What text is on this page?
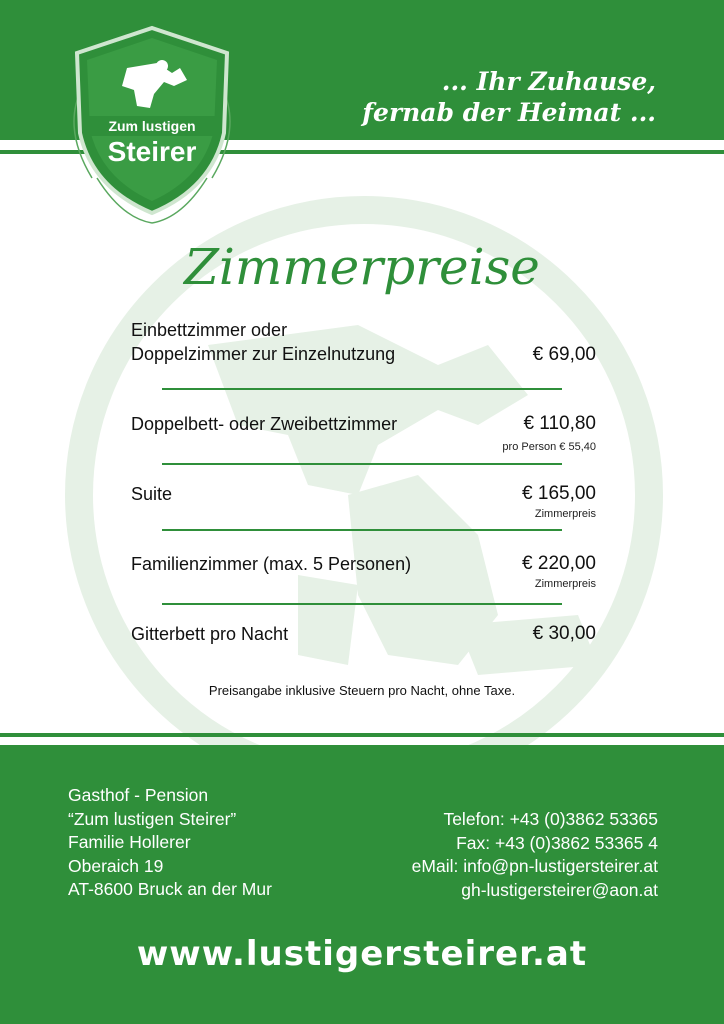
... Ihr Zuhause,
fernab der Heimat ...
Zum lustigen
Steirer
Zimmerpreise
Einbettzimmer oder
Doppelzimmer zur Einzelnutzung	€ 69,00
Doppelbett- oder Zweibettzimmer	€ 110,80
pro Person € 55,40
Suite	€ 165,00
Zimmerpreis
Familienzimmer (max. 5 Personen)	€ 220,00
Zimmerpreis
Gitterbett pro Nacht	€ 30,00
Preisangabe inklusive Steuern pro Nacht, ohne Taxe.
Gasthof - Pension
“Zum lustigen Steirer”
Familie Hollerer
Oberaich 19
AT-8600 Bruck an der Mur
Telefon: +43 (0)3862 53365
Fax: +43 (0)3862 53365 4
eMail: info@pn-lustigersteirer.at
gh-lustigersteirer@aon.at
www.lustigersteirer.at
